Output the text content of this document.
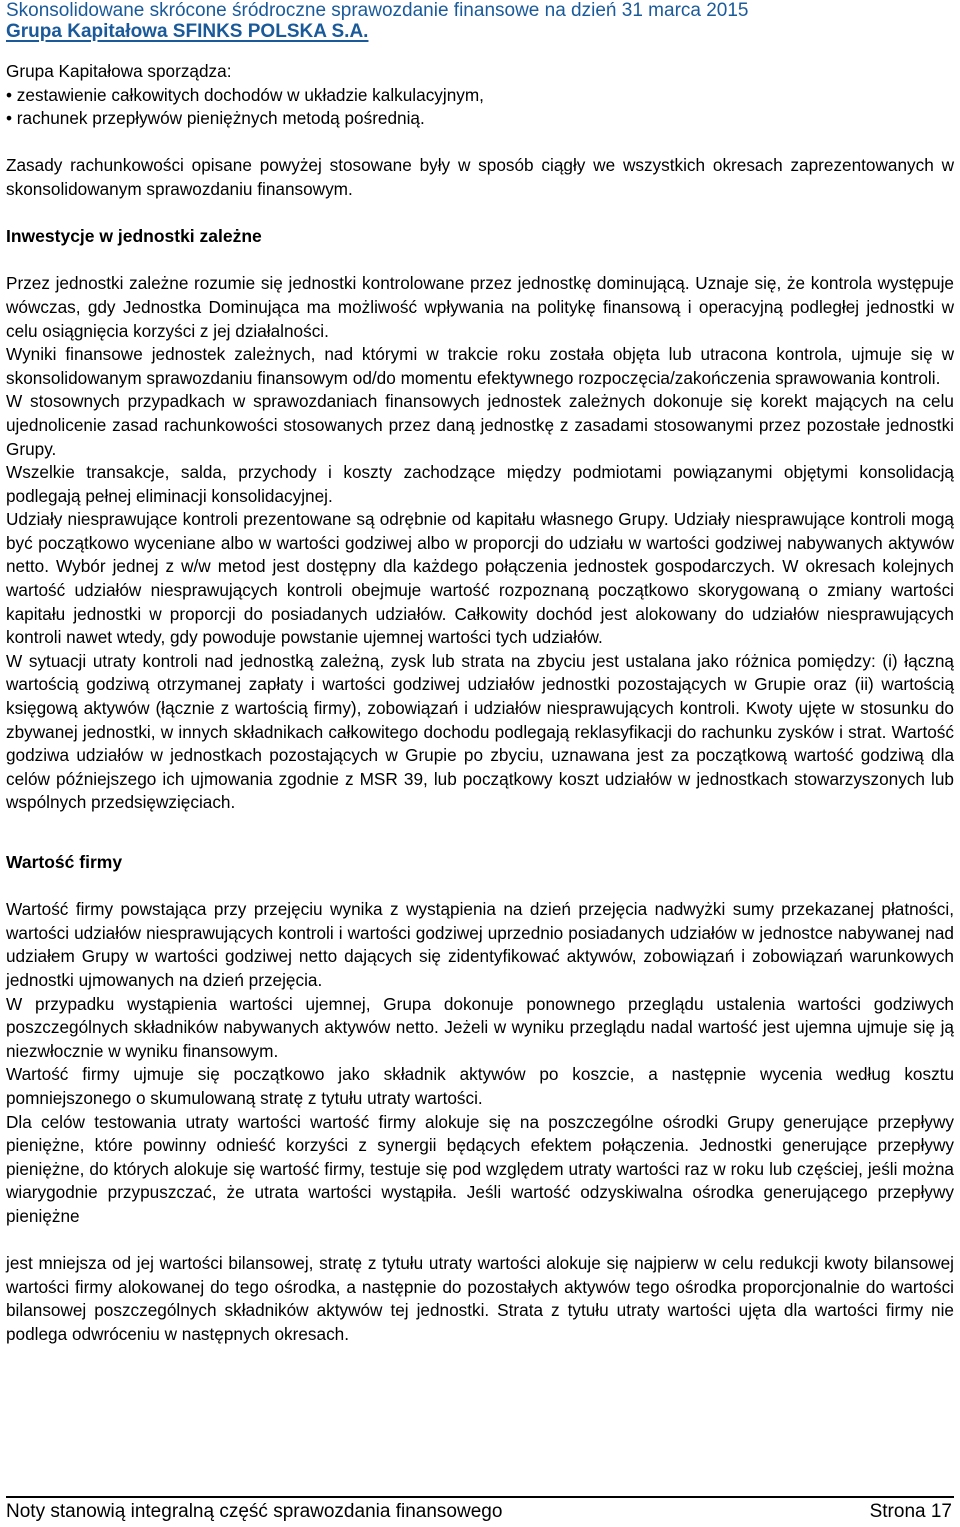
Skonsolidowane skrócone śródroczne sprawozdanie finansowe na dzień 31 marca 2015
Grupa Kapitałowa SFINKS POLSKA S.A.

Grupa Kapitałowa sporządza:

• zestawienie całkowitych dochodów w układzie kalkulacyjnym,

• rachunek przepływów pieniężnych metodą pośrednią.

Zasady rachunkowości opisane powyżej stosowane były w sposób ciągły we wszystkich okresach zaprezentowanych w skonsolidowanym sprawozdaniu finansowym.

Inwestycje w jednostki zależne

Przez jednostki zależne rozumie się jednostki kontrolowane przez jednostkę dominującą. Uznaje się, że kontrola występuje wówczas, gdy Jednostka Dominująca ma możliwość wpływania na politykę finansową i operacyjną podległej jednostki w celu osiągnięcia korzyści z jej działalności.

Wyniki finansowe jednostek zależnych, nad którymi w trakcie roku została objęta lub utracona kontrola, ujmuje się w skonsolidowanym sprawozdaniu finansowym od/do momentu efektywnego rozpoczęcia/zakończenia sprawowania kontroli.

W stosownych przypadkach w sprawozdaniach finansowych jednostek zależnych dokonuje się korekt mających na celu ujednolicenie zasad rachunkowości stosowanych przez daną jednostkę z zasadami stosowanymi przez pozostałe jednostki Grupy.

Wszelkie transakcje, salda, przychody i koszty zachodzące między podmiotami powiązanymi objętymi konsolidacją podlegają pełnej eliminacji konsolidacyjnej.

Udziały niesprawujące kontroli prezentowane są odrębnie od kapitału własnego Grupy. Udziały niesprawujące kontroli mogą być początkowo wyceniane albo w wartości godziwej albo w proporcji do udziału w wartości godziwej nabywanych aktywów netto. Wybór jednej z w/w metod jest dostępny dla każdego połączenia jednostek gospodarczych. W okresach kolejnych wartość udziałów niesprawujących kontroli obejmuje wartość rozpoznaną początkowo skorygowaną o zmiany wartości kapitału jednostki w proporcji do posiadanych udziałów. Całkowity dochód jest alokowany do udziałów niesprawujących kontroli nawet wtedy, gdy powoduje powstanie ujemnej wartości tych udziałów.

W sytuacji utraty kontroli nad jednostką zależną, zysk lub strata na zbyciu jest ustalana jako różnica pomiędzy: (i) łączną wartością godziwą otrzymanej zapłaty i wartości godziwej udziałów jednostki pozostających w Grupie oraz (ii) wartością księgową aktywów (łącznie z wartością firmy), zobowiązań i udziałów niesprawujących kontroli. Kwoty ujęte w stosunku do zbywanej jednostki, w innych składnikach całkowitego dochodu podlegają reklasyfikacji do rachunku zysków i strat. Wartość godziwa udziałów w jednostkach pozostających w Grupie po zbyciu, uznawana jest za początkową wartość godziwą dla celów późniejszego ich ujmowania zgodnie z MSR 39, lub początkowy koszt udziałów w jednostkach stowarzyszonych lub wspólnych przedsięwzięciach.

Wartość firmy

Wartość firmy powstająca przy przejęciu wynika z wystąpienia na dzień przejęcia nadwyżki sumy przekazanej płatności, wartości udziałów niesprawujących kontroli i wartości godziwej uprzednio posiadanych udziałów w jednostce nabywanej nad udziałem Grupy w wartości godziwej netto dających się zidentyfikować aktywów, zobowiązań i zobowiązań warunkowych jednostki ujmowanych na dzień przejęcia.

W przypadku wystąpienia wartości ujemnej, Grupa dokonuje ponownego przeglądu ustalenia wartości godziwych poszczególnych składników nabywanych aktywów netto. Jeżeli w wyniku przeglądu nadal wartość jest ujemna ujmuje się ją niezwłocznie w wyniku finansowym.

Wartość firmy ujmuje się początkowo jako składnik aktywów po koszcie, a następnie wycenia według kosztu pomniejszonego o skumulowaną stratę z tytułu utraty wartości.

Dla celów testowania utraty wartości wartość firmy alokuje się na poszczególne ośrodki Grupy generujące przepływy pieniężne, które powinny odnieść korzyści z synergii będących efektem połączenia. Jednostki generujące przepływy pieniężne, do których alokuje się wartość firmy, testuje się pod względem utraty wartości raz w roku lub częściej, jeśli można wiarygodnie przypuszczać, że utrata wartości wystąpiła. Jeśli wartość odzyskiwalna ośrodka generującego przepływy pieniężne

jest mniejsza od jej wartości bilansowej, stratę z tytułu utraty wartości alokuje się najpierw w celu redukcji kwoty bilansowej wartości firmy alokowanej do tego ośrodka, a następnie do pozostałych aktywów tego ośrodka proporcjonalnie do wartości bilansowej poszczególnych składników aktywów tej jednostki. Strata z tytułu utraty wartości ujęta dla wartości firmy nie podlega odwróceniu w następnych okresach.

Noty stanowią integralną część sprawozdania finansowego	Strona 17
